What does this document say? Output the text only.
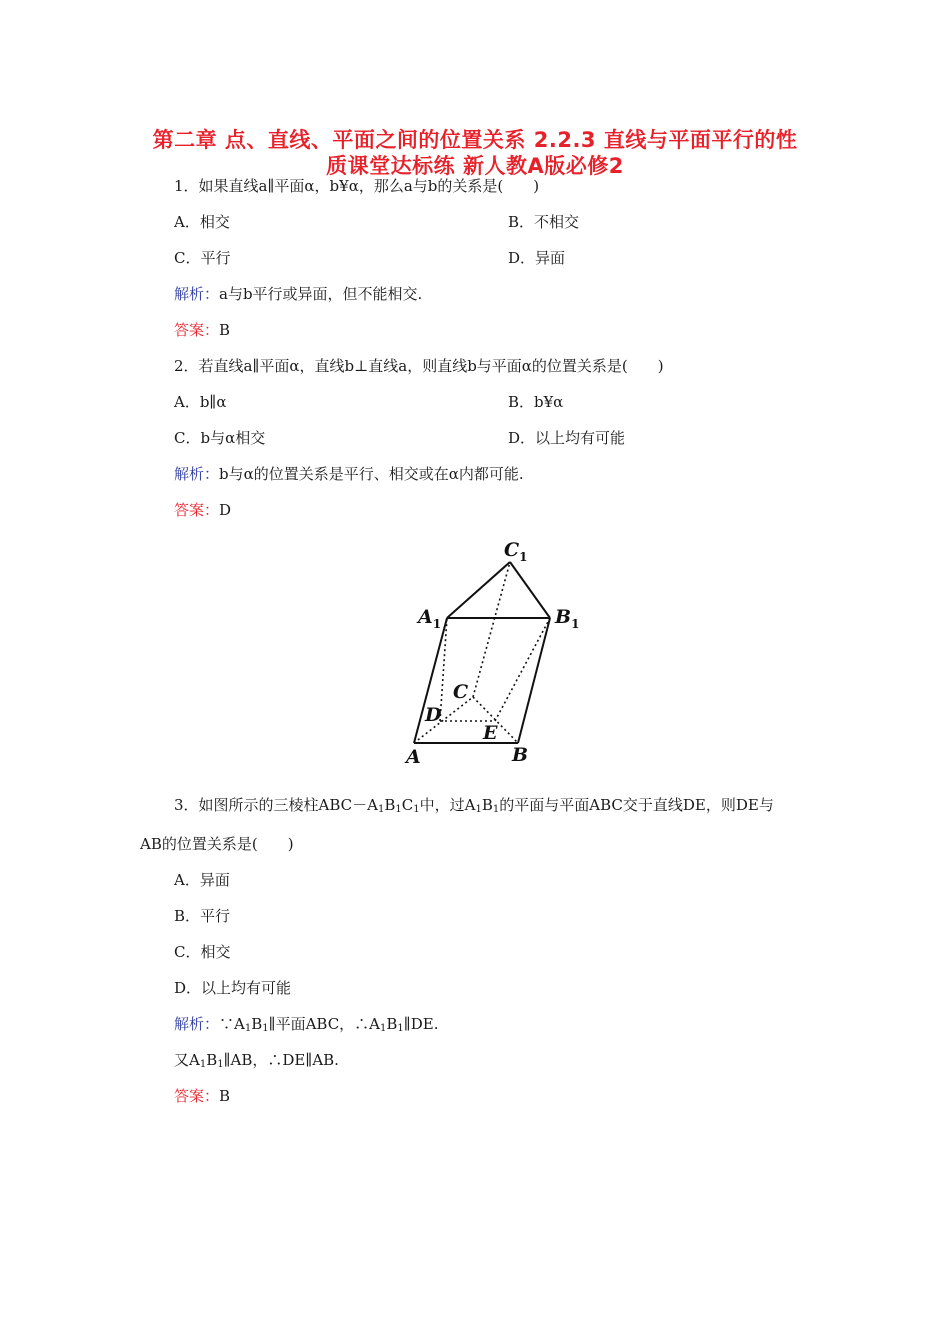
第二章 点、直线、平面之间的位置关系 2.2.3 直线与平面平行的性
质课堂达标练 新人教A版必修2
1．如果直线a∥平面α，b¥α，那么a与b的关系是(　　)
A．相交	B．不相交
C．平行	D．异面
解析：a与b平行或异面，但不能相交.
答案：B
2．若直线a∥平面α，直线b⊥直线a，则直线b与平面α的位置关系是(　　)
A．b∥α	B．b¥α
C．b与α相交	D．以上均有可能
解析：b与α的位置关系是平行、相交或在α内都可能.
答案：D
$C_1$
$A_1$	$B_1$
C
D
E
A	B
3．如图所示的三棱柱$ABC-A_1B_1C_1$中，过$A_1B_1$的平面与平面ABC交于直线DE，则DE与
AB的位置关系是(　　)
A．异面
B．平行
C．相交
D．以上均有可能
解析：$\because A_1B_1\parallel$平面ABC，$\therefore A_1B_1\parallel DE$.
又$A_1B_1\parallel AB$，∴DE∥AB.
答案：B
